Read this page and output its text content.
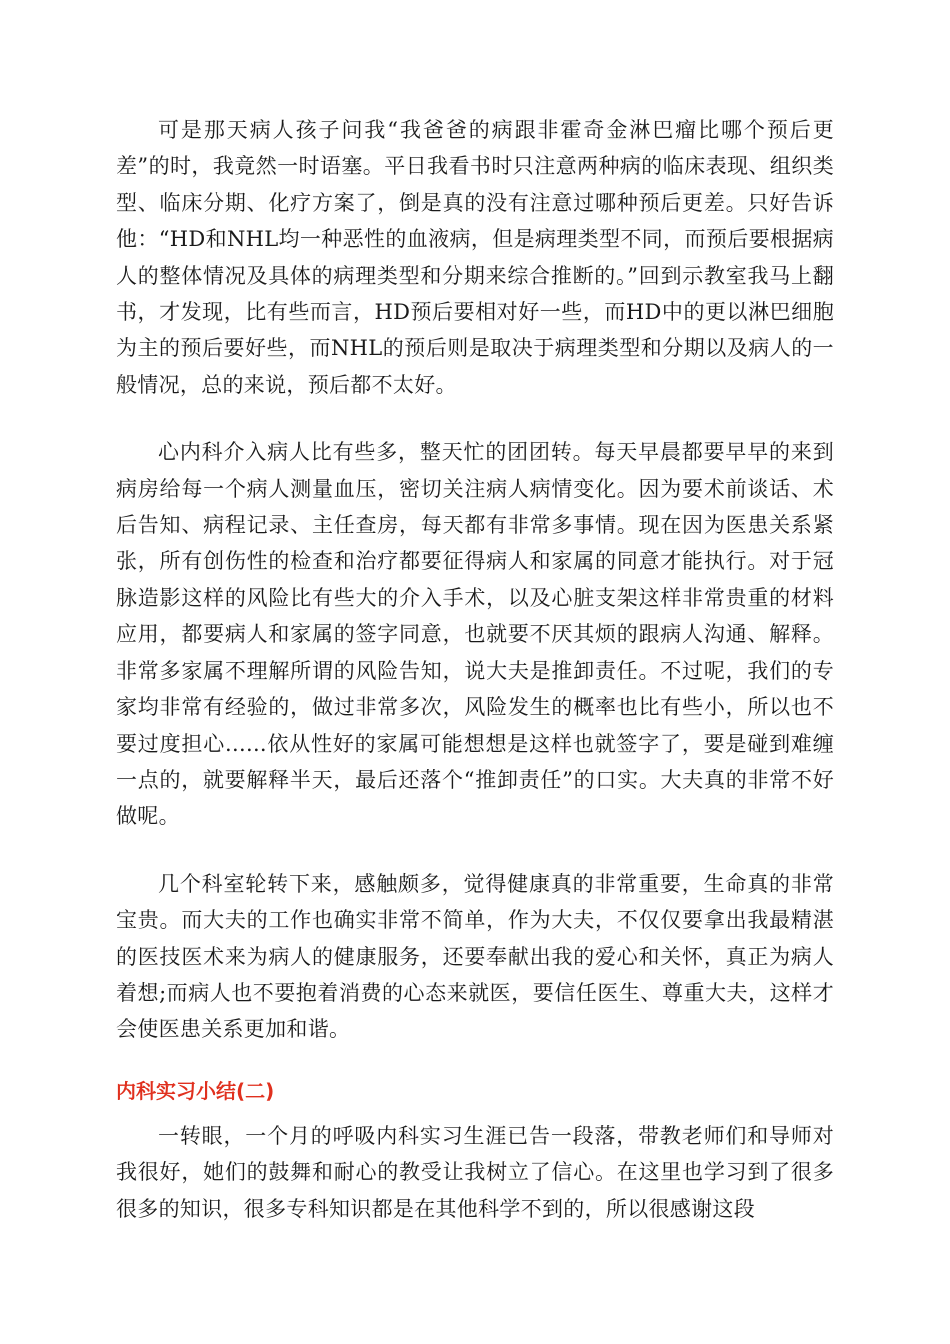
可是那天病人孩子问我“我爸爸的病跟非霍奇金淋巴瘤比哪个预后更差”的时，我竟然一时语塞。平日我看书时只注意两种病的临床表现、组织类型、临床分期、化疗方案了，倒是真的没有注意过哪种预后更差。只好告诉他：“HD和NHL均一种恶性的血液病，但是病理类型不同，而预后要根据病人的整体情况及具体的病理类型和分期来综合推断的。”回到示教室我马上翻书，才发现，比有些而言，HD预后要相对好一些，而HD中的更以淋巴细胞为主的预后要好些，而NHL的预后则是取决于病理类型和分期以及病人的一般情况，总的来说，预后都不太好。

心内科介入病人比有些多，整天忙的团团转。每天早晨都要早早的来到病房给每一个病人测量血压，密切关注病人病情变化。因为要术前谈话、术后告知、病程记录、主任查房，每天都有非常多事情。现在因为医患关系紧张，所有创伤性的检查和治疗都要征得病人和家属的同意才能执行。对于冠脉造影这样的风险比有些大的介入手术，以及心脏支架这样非常贵重的材料应用，都要病人和家属的签字同意，也就要不厌其烦的跟病人沟通、解释。非常多家属不理解所谓的风险告知，说大夫是推卸责任。不过呢，我们的专家均非常有经验的，做过非常多次，风险发生的概率也比有些小，所以也不要过度担心......依从性好的家属可能想想是这样也就签字了，要是碰到难缠一点的，就要解释半天，最后还落个“推卸责任”的口实。大夫真的非常不好做呢。

几个科室轮转下来，感触颇多，觉得健康真的非常重要，生命真的非常宝贵。而大夫的工作也确实非常不简单，作为大夫，不仅仅要拿出我最精湛的医技医术来为病人的健康服务，还要奉献出我的爱心和关怀，真正为病人着想;而病人也不要抱着消费的心态来就医，要信任医生、尊重大夫，这样才会使医患关系更加和谐。

内科实习小结(二)

一转眼，一个月的呼吸内科实习生涯已告一段落，带教老师们和导师对我很好，她们的鼓舞和耐心的教受让我树立了信心。在这里也学习到了很多很多的知识，很多专科知识都是在其他科学不到的，所以很感谢这段
